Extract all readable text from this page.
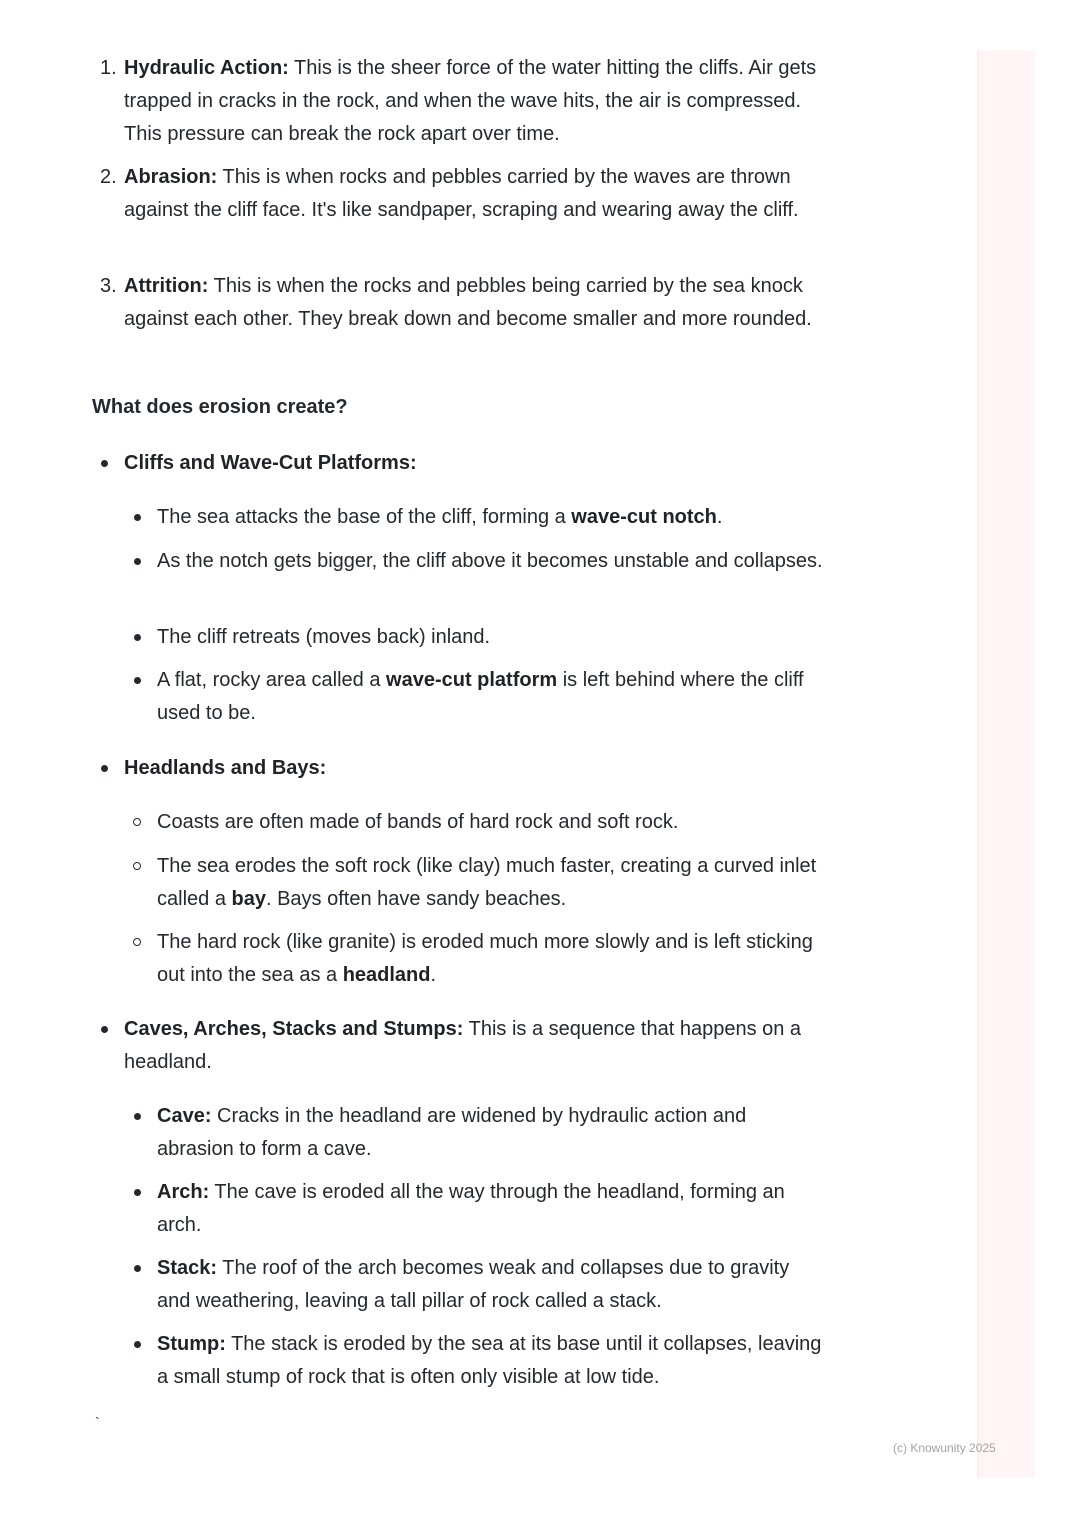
1. Hydraulic Action: This is the sheer force of the water hitting the cliffs. Air gets trapped in cracks in the rock, and when the wave hits, the air is compressed. This pressure can break the rock apart over time.
2. Abrasion: This is when rocks and pebbles carried by the waves are thrown against the cliff face. It's like sandpaper, scraping and wearing away the cliff.
3. Attrition: This is when the rocks and pebbles being carried by the sea knock against each other. They break down and become smaller and more rounded.
What does erosion create?
Cliffs and Wave-Cut Platforms:
The sea attacks the base of the cliff, forming a wave-cut notch.
As the notch gets bigger, the cliff above it becomes unstable and collapses.
The cliff retreats (moves back) inland.
A flat, rocky area called a wave-cut platform is left behind where the cliff used to be.
Headlands and Bays:
Coasts are often made of bands of hard rock and soft rock.
The sea erodes the soft rock (like clay) much faster, creating a curved inlet called a bay. Bays often have sandy beaches.
The hard rock (like granite) is eroded much more slowly and is left sticking out into the sea as a headland.
Caves, Arches, Stacks and Stumps: This is a sequence that happens on a headland.
Cave: Cracks in the headland are widened by hydraulic action and abrasion to form a cave.
Arch: The cave is eroded all the way through the headland, forming an arch.
Stack: The roof of the arch becomes weak and collapses due to gravity and weathering, leaving a tall pillar of rock called a stack.
Stump: The stack is eroded by the sea at its base until it collapses, leaving a small stump of rock that is often only visible at low tide.
`
(c) Knowunity 2025
